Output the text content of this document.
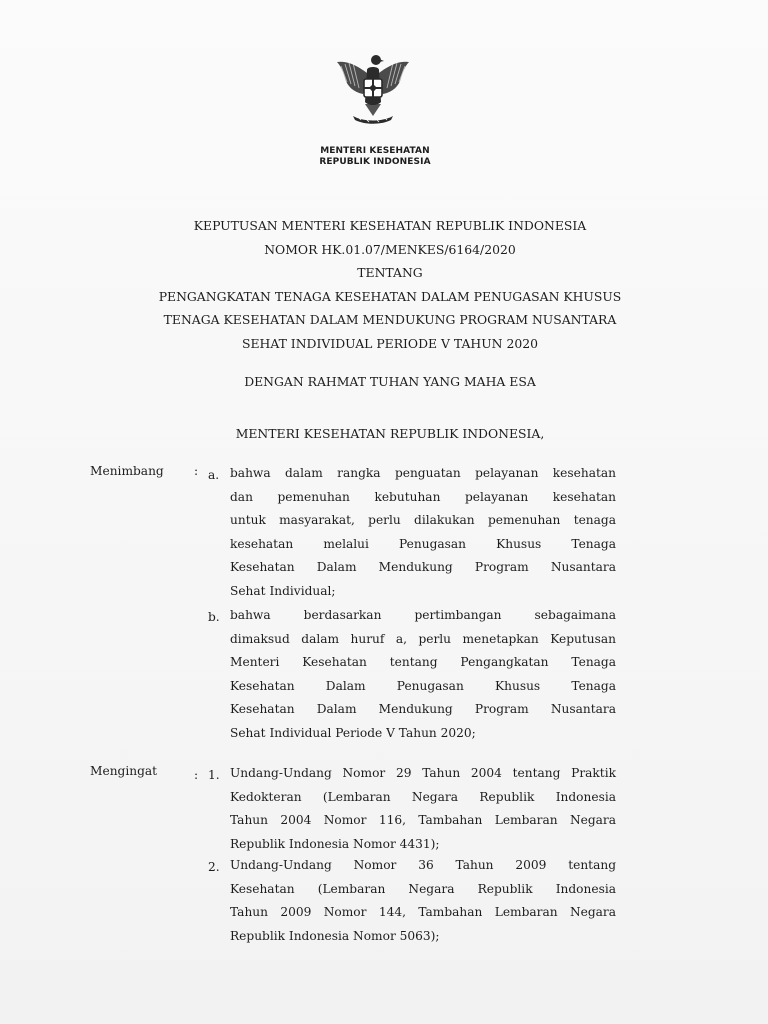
MENTERI KESEHATAN
REPUBLIK INDONESIA
KEPUTUSAN MENTERI KESEHATAN REPUBLIK INDONESIA
NOMOR HK.01.07/MENKES/6164/2020
TENTANG
PENGANGKATAN TENAGA KESEHATAN DALAM PENUGASAN KHUSUS
TENAGA KESEHATAN DALAM MENDUKUNG PROGRAM NUSANTARA
SEHAT INDIVIDUAL PERIODE V TAHUN 2020
DENGAN RAHMAT TUHAN YANG MAHA ESA
MENTERI KESEHATAN REPUBLIK INDONESIA,
Menimbang : a. bahwa dalam rangka penguatan pelayanan kesehatan
dan pemenuhan kebutuhan pelayanan kesehatan
untuk masyarakat, perlu dilakukan pemenuhan tenaga
kesehatan melalui Penugasan Khusus Tenaga
Kesehatan Dalam Mendukung Program Nusantara
Sehat Individual;
b. bahwa berdasarkan pertimbangan sebagaimana
dimaksud dalam huruf a, perlu menetapkan Keputusan
Menteri Kesehatan tentang Pengangkatan Tenaga
Kesehatan Dalam Penugasan Khusus Tenaga
Kesehatan Dalam Mendukung Program Nusantara
Sehat Individual Periode V Tahun 2020;
Mengingat	: 1. Undang-Undang Nomor 29 Tahun 2004 tentang Praktik
Kedokteran (Lembaran Negara Republik Indonesia
Tahun 2004 Nomor 116, Tambahan Lembaran Negara
Republik Indonesia Nomor 4431);
2. Undang-Undang Nomor 36 Tahun 2009 tentang
Kesehatan (Lembaran Negara Republik Indonesia
Tahun 2009 Nomor 144, Tambahan Lembaran Negara
Republik Indonesia Nomor 5063);
